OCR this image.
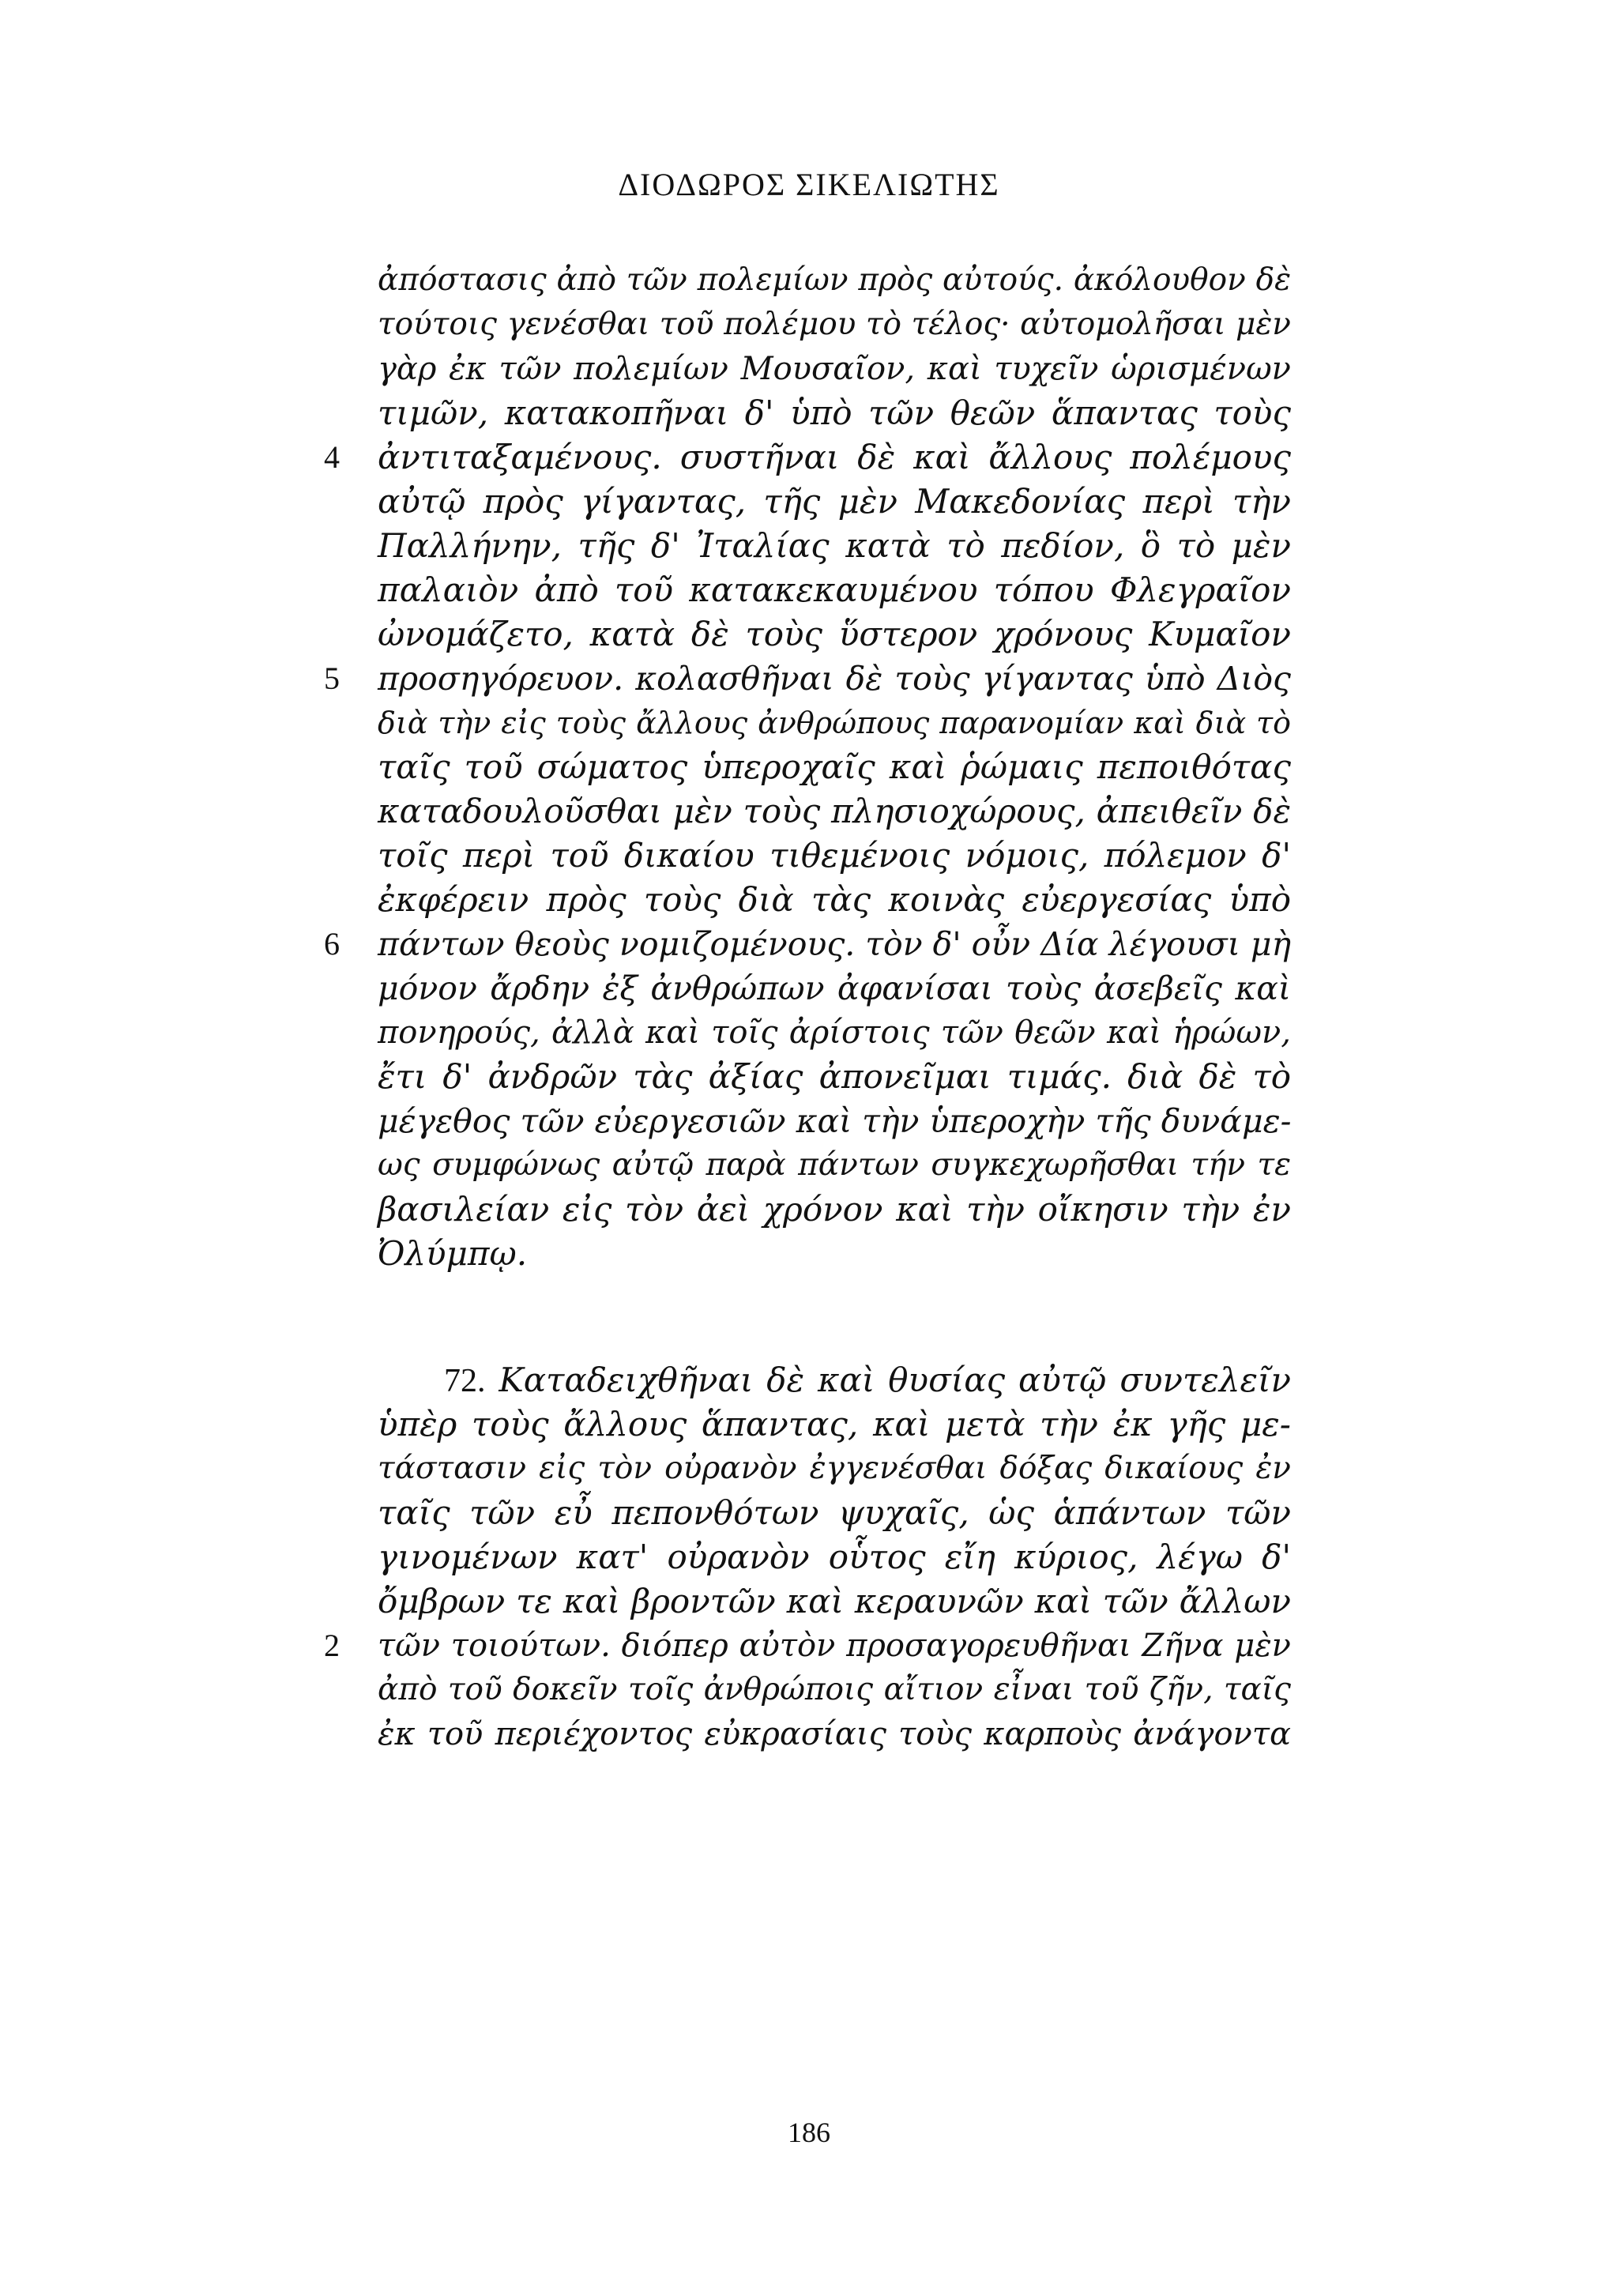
ΔΙΟΔΩΡΟΣ ΣΙΚΕΛΙΩΤΗΣ
ἀπόστασις ἀπὸ τῶν πολεμίων πρὸς αὐτούς. ἀκόλουθον δὲ
τούτοις γενέσθαι τοῦ πολέμου τὸ τέλος· αὐτομολῆσαι μὲν
γὰρ ἐκ τῶν πολεμίων Μουσαῖον, καὶ τυχεῖν ὡρισμένων
τιμῶν, κατακοπῆναι δ' ὑπὸ τῶν θεῶν ἅπαντας τοὺς
ἀντιταξαμένους. συστῆναι δὲ καὶ ἄλλους πολέμους
αὐτῷ πρὸς γίγαντας, τῆς μὲν Μακεδονίας περὶ τὴν
Παλλήνην, τῆς δ' Ἰταλίας κατὰ τὸ πεδίον, ὃ τὸ μὲν
παλαιὸν ἀπὸ τοῦ κατακεκαυμένου τόπου Φλεγραῖον
ὠνομάζετο, κατὰ δὲ τοὺς ὕστερον χρόνους Κυμαῖον
προσηγόρευον. κολασθῆναι δὲ τοὺς γίγαντας ὑπὸ Διὸς
διὰ τὴν εἰς τοὺς ἄλλους ἀνθρώπους παρανομίαν καὶ διὰ τὸ
ταῖς τοῦ σώματος ὑπεροχαῖς καὶ ῥώμαις πεποιθότας
καταδουλοῦσθαι μὲν τοὺς πλησιοχώρους, ἀπειθεῖν δὲ
τοῖς περὶ τοῦ δικαίου τιθεμένοις νόμοις, πόλεμον δ'
ἐκφέρειν πρὸς τοὺς διὰ τὰς κοινὰς εὐεργεσίας ὑπὸ
πάντων θεοὺς νομιζομένους. τὸν δ' οὖν Δία λέγουσι μὴ
μόνον ἄρδην ἐξ ἀνθρώπων ἀφανίσαι τοὺς ἀσεβεῖς καὶ
πονηρούς, ἀλλὰ καὶ τοῖς ἀρίστοις τῶν θεῶν καὶ ἡρώων,
ἔτι δ' ἀνδρῶν τὰς ἀξίας ἀπονεῖμαι τιμάς. διὰ δὲ τὸ
μέγεθος τῶν εὐεργεσιῶν καὶ τὴν ὑπεροχὴν τῆς δυνάμε-
ως συμφώνως αὐτῷ παρὰ πάντων συγκεχωρῆσθαι τήν τε
βασιλείαν εἰς τὸν ἀεὶ χρόνον καὶ τὴν οἴκησιν τὴν ἐν
Ὀλύμπῳ.
72. Καταδειχθῆναι δὲ καὶ θυσίας αὐτῷ συντελεῖν
ὑπὲρ τοὺς ἄλλους ἅπαντας, καὶ μετὰ τὴν ἐκ γῆς με-
τάστασιν εἰς τὸν οὐρανὸν ἐγγενέσθαι δόξας δικαίους ἐν
ταῖς τῶν εὖ πεπονθότων ψυχαῖς, ὡς ἁπάντων τῶν
γινομένων κατ' οὐρανὸν οὗτος εἴη κύριος, λέγω δ'
ὄμβρων τε καὶ βροντῶν καὶ κεραυνῶν καὶ τῶν ἄλλων
τῶν τοιούτων. διόπερ αὐτὸν προσαγορευθῆναι Ζῆνα μὲν
ἀπὸ τοῦ δοκεῖν τοῖς ἀνθρώποις αἴτιον εἶναι τοῦ ζῆν, ταῖς
ἐκ τοῦ περιέχοντος εὐκρασίαις τοὺς καρποὺς ἀνάγοντα
4
5
6
2
186
